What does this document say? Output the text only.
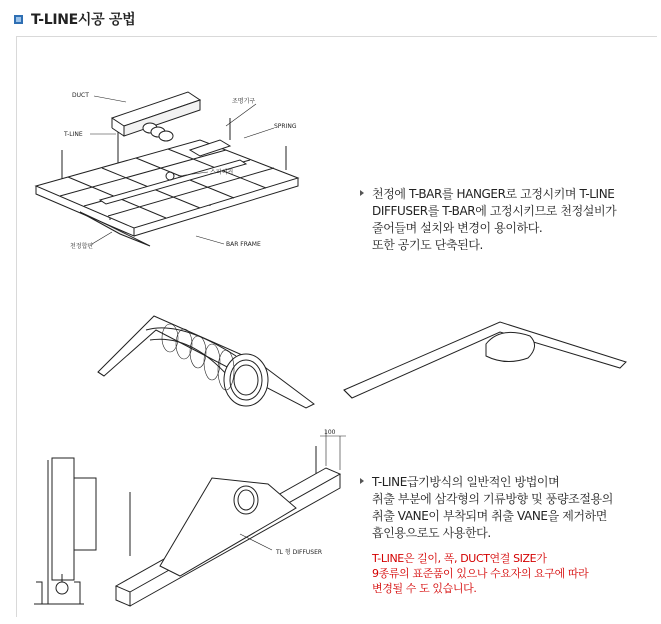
T-LINE시공 공법
DUCT
조명기구
SPRING
T-LINE
스피이커
천정합판	BAR FRAME
100
TL 형 DIFFUSER
천정에 T-BAR를 HANGER로 고정시키며 T-LINE
DIFFUSER를 T-BAR에 고정시키므로 천정설비가
줄어들며 설치와 변경이 용이하다.
또한 공기도 단축된다.
T-LINE급기방식의 일반적인 방법이며
취출 부분에 삼각형의 기류방향 및 풍량조절용의
취출 VANE이 부착되며 취출 VANE을 제거하면
흡인용으로도 사용한다.
T-LINE은 길이, 폭, DUCT연결 SIZE가
9종류의 표준품이 있으나 수요자의 요구에 따라
변경될 수 도 있습니다.
